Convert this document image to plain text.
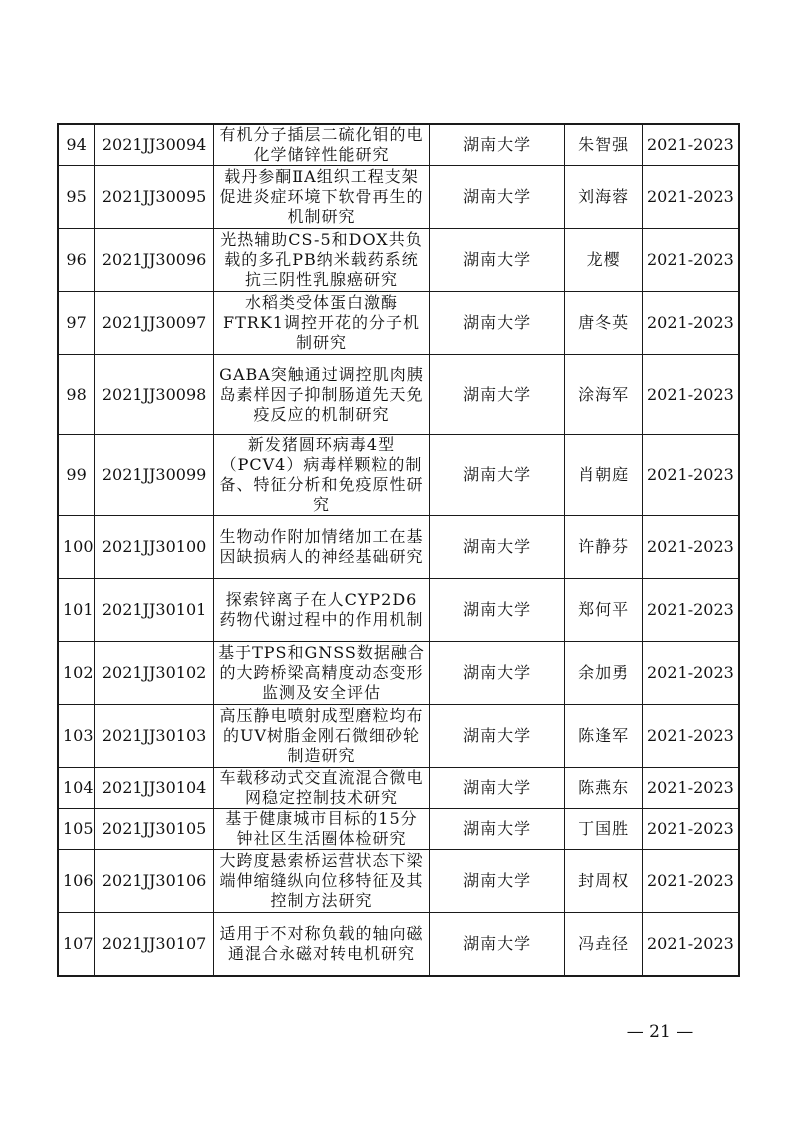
94	2021JJ30094	有机分子插层二硫化钼的电化学储锌性能研究	湖南大学	朱智强	2021-2023
95	2021JJ30095	载丹参酮ⅡA组织工程支架促进炎症环境下软骨再生的机制研究	湖南大学	刘海蓉	2021-2023
96	2021JJ30096	光热辅助CS-5和DOX共负载的多孔PB纳米载药系统抗三阴性乳腺癌研究	湖南大学	龙樱	2021-2023
97	2021JJ30097	水稻类受体蛋白激酶FTRK1调控开花的分子机制研究	湖南大学	唐冬英	2021-2023
98	2021JJ30098	GABA突触通过调控肌肉胰岛素样因子抑制肠道先天免疫反应的机制研究	湖南大学	涂海军	2021-2023
99	2021JJ30099	新发猪圆环病毒4型（PCV4）病毒样颗粒的制备、特征分析和免疫原性研究	湖南大学	肖朝庭	2021-2023
100	2021JJ30100	生物动作附加情绪加工在基因缺损病人的神经基础研究	湖南大学	许静芬	2021-2023
101	2021JJ30101	探索锌离子在人CYP2D6药物代谢过程中的作用机制	湖南大学	郑何平	2021-2023
102	2021JJ30102	基于TPS和GNSS数据融合的大跨桥梁高精度动态变形监测及安全评估	湖南大学	余加勇	2021-2023
103	2021JJ30103	高压静电喷射成型磨粒均布的UV树脂金刚石微细砂轮制造研究	湖南大学	陈逢军	2021-2023
104	2021JJ30104	车载移动式交直流混合微电网稳定控制技术研究	湖南大学	陈燕东	2021-2023
105	2021JJ30105	基于健康城市目标的15分钟社区生活圈体检研究	湖南大学	丁国胜	2021-2023
106	2021JJ30106	大跨度悬索桥运营状态下梁端伸缩缝纵向位移特征及其控制方法研究	湖南大学	封周权	2021-2023
107	2021JJ30107	适用于不对称负载的轴向磁通混合永磁对转电机研究	湖南大学	冯垚径	2021-2023
— 21 —
